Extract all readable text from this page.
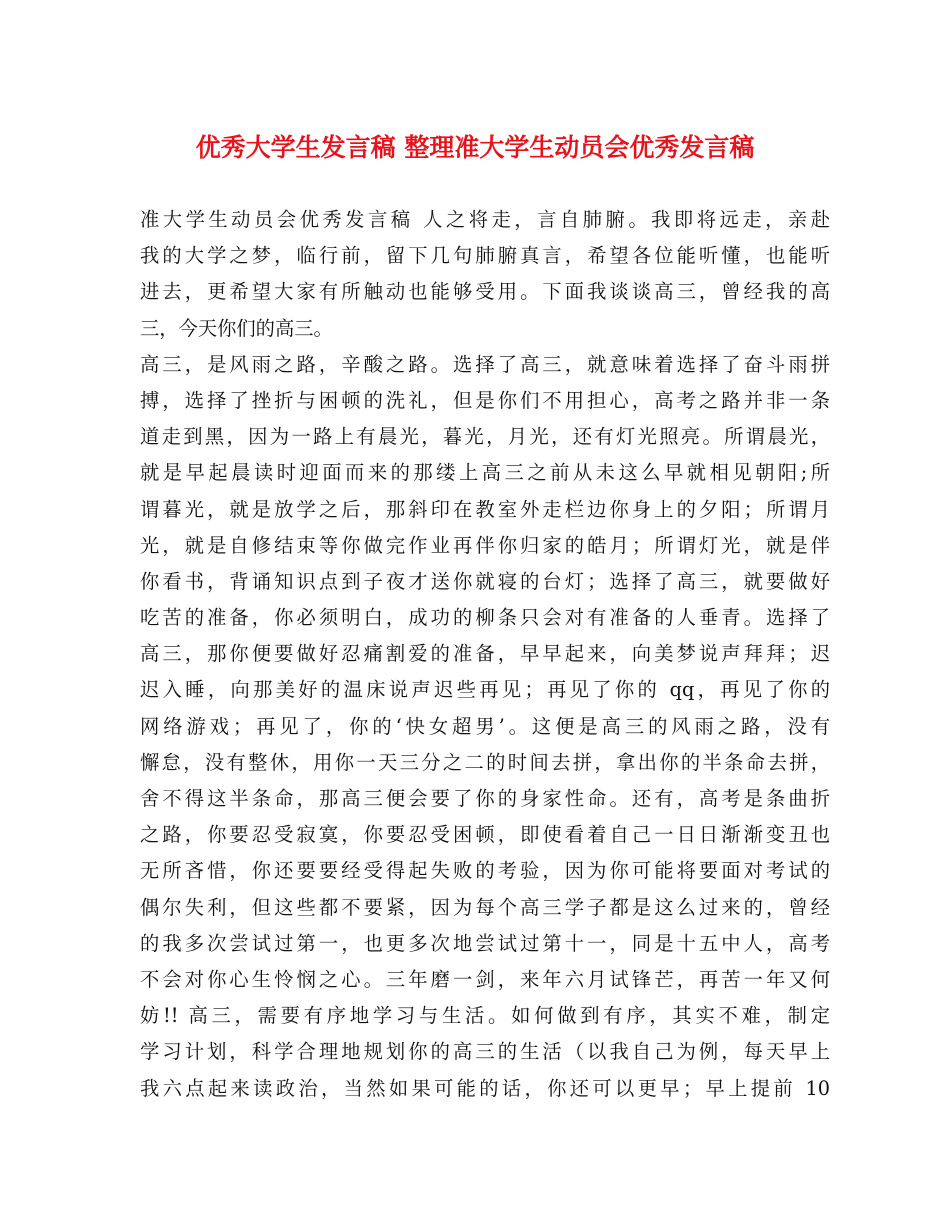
优秀大学生发言稿 整理准大学生动员会优秀发言稿
准大学生动员会优秀发言稿 人之将走，言自肺腑。我即将远走，亲赴
我的大学之梦，临行前，留下几句肺腑真言，希望各位能听懂，也能听
进去，更希望大家有所触动也能够受用。下面我谈谈高三，曾经我的高
三，今天你们的高三。
高三，是风雨之路，辛酸之路。选择了高三，就意味着选择了奋斗雨拼
搏，选择了挫折与困顿的洗礼，但是你们不用担心，高考之路并非一条
道走到黑，因为一路上有晨光，暮光，月光，还有灯光照亮。所谓晨光，
就是早起晨读时迎面而来的那缕上高三之前从未这么早就相见朝阳;所
谓暮光，就是放学之后，那斜印在教室外走栏边你身上的夕阳；所谓月
光，就是自修结束等你做完作业再伴你归家的皓月；所谓灯光，就是伴
你看书，背诵知识点到子夜才送你就寝的台灯；选择了高三，就要做好
吃苦的准备，你必须明白，成功的柳条只会对有准备的人垂青。选择了
高三，那你便要做好忍痛割爱的准备，早早起来，向美梦说声拜拜；迟
迟入睡，向那美好的温床说声迟些再见；再见了你的 qq，再见了你的
网络游戏；再见了，你的‘快女超男’。这便是高三的风雨之路，没有
懈怠，没有整休，用你一天三分之二的时间去拼，拿出你的半条命去拼，
舍不得这半条命，那高三便会要了你的身家性命。还有，高考是条曲折
之路，你要忍受寂寞，你要忍受困顿，即使看着自己一日日渐渐变丑也
无所吝惜，你还要要经受得起失败的考验，因为你可能将要面对考试的
偶尔失利，但这些都不要紧，因为每个高三学子都是这么过来的，曾经
的我多次尝试过第一，也更多次地尝试过第十一，同是十五中人，高考
不会对你心生怜悯之心。三年磨一剑，来年六月试锋芒，再苦一年又何
妨!! 高三，需要有序地学习与生活。如何做到有序，其实不难，制定
学习计划，科学合理地规划你的高三的生活（以我自己为例，每天早上
我六点起来读政治，当然如果可能的话，你还可以更早；早上提前 10
